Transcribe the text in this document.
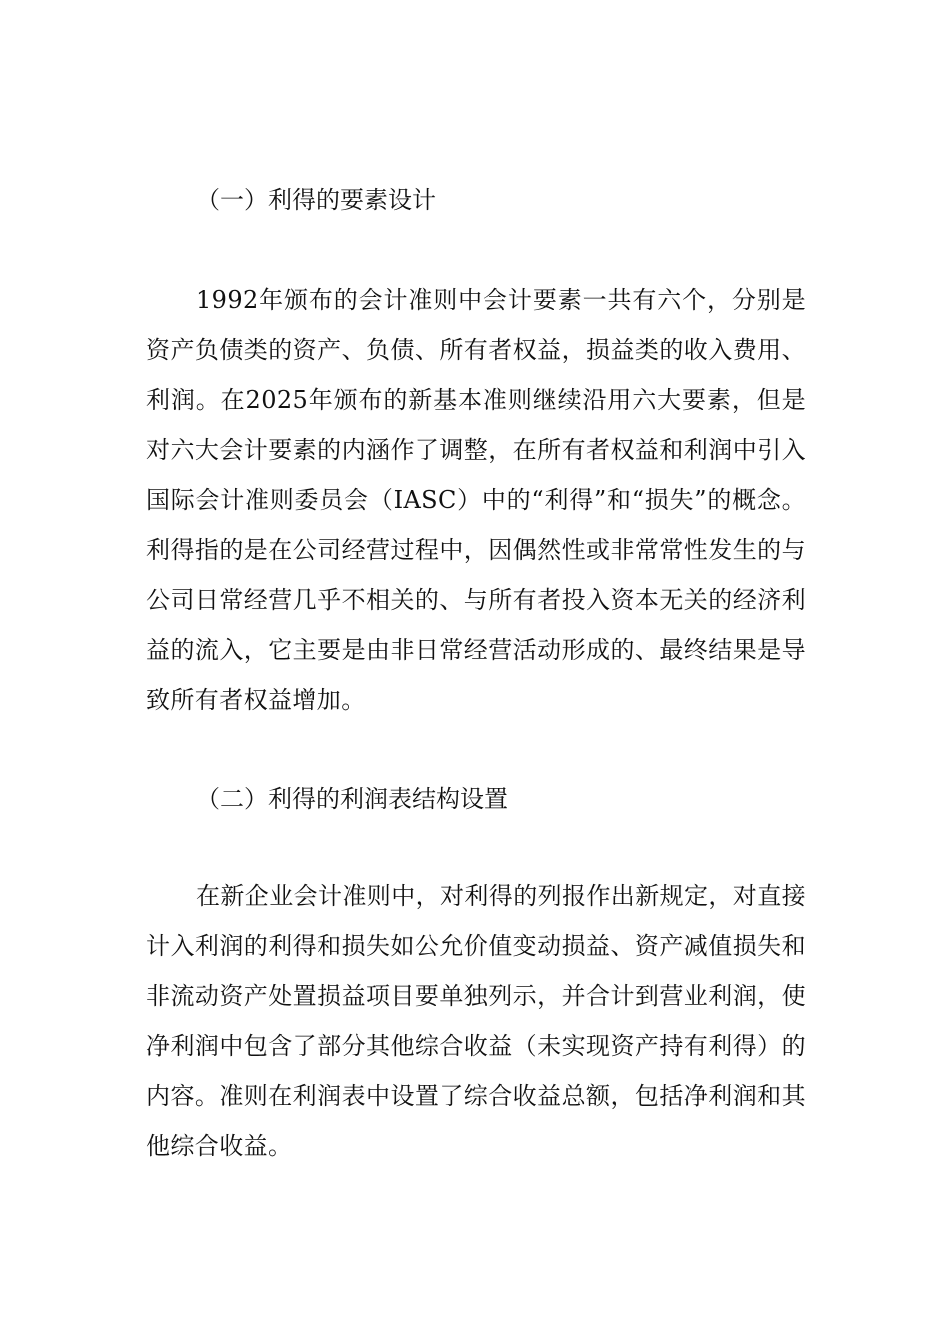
（一）利得的要素设计

1992年颁布的会计准则中会计要素一共有六个，分别是资产负债类的资产、负债、所有者权益，损益类的收入费用、利润。在2025年颁布的新基本准则继续沿用六大要素，但是对六大会计要素的内涵作了调整，在所有者权益和利润中引入国际会计准则委员会（IASC）中的“利得”和“损失”的概念。利得指的是在公司经营过程中，因偶然性或非常常性发生的与公司日常经营几乎不相关的、与所有者投入资本无关的经济利益的流入，它主要是由非日常经营活动形成的、最终结果是导致所有者权益增加。

（二）利得的利润表结构设置

在新企业会计准则中，对利得的列报作出新规定，对直接计入利润的利得和损失如公允价值变动损益、资产减值损失和非流动资产处置损益项目要单独列示，并合计到营业利润，使净利润中包含了部分其他综合收益（未实现资产持有利得）的内容。准则在利润表中设置了综合收益总额，包括净利润和其他综合收益。
